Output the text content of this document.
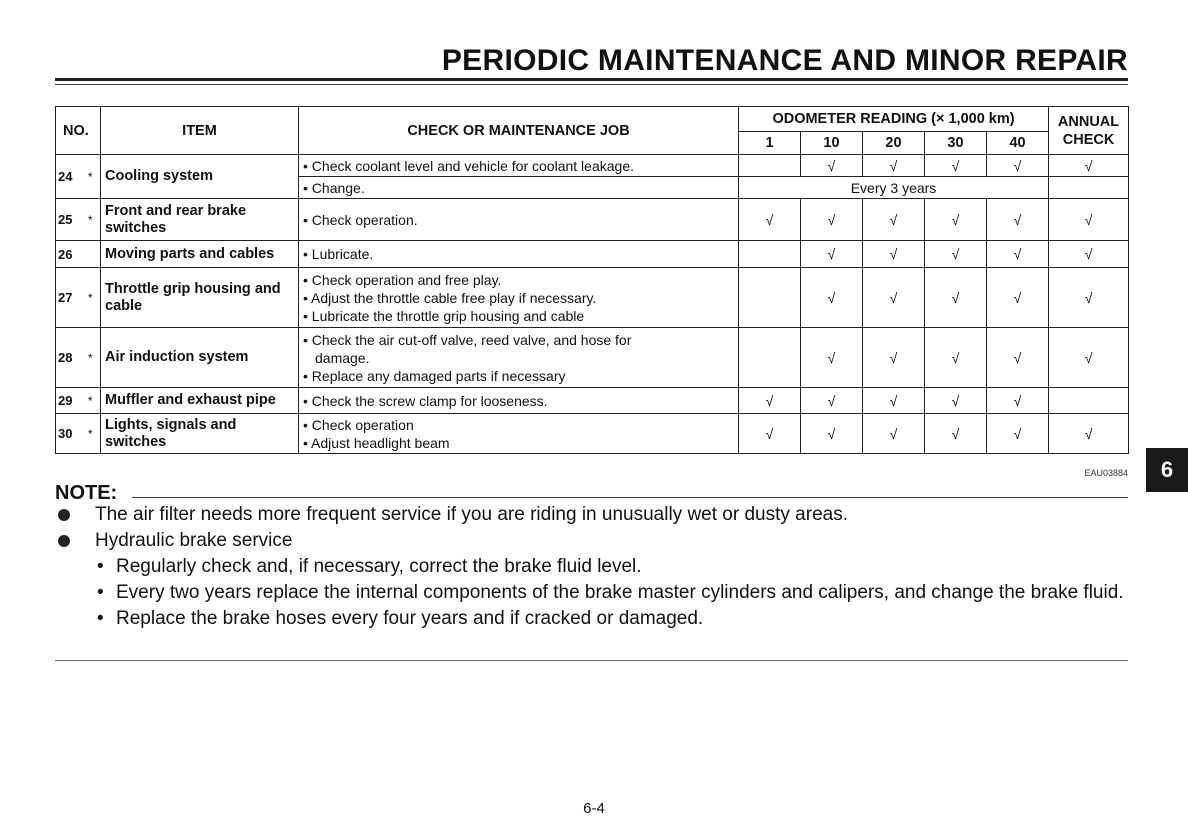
PERIODIC MAINTENANCE AND MINOR REPAIR
NO.		ITEM	CHECK OR MAINTENANCE JOB	ODOMETER READING (× 1,000 km)					ANNUAL CHECK
				1	10	20	30	40	
24	*	Cooling system	• Check coolant level and vehicle for coolant leakage.		√	√	√	√	√
			• Change.	Every 3 years					
25	*	Front and rear brake switches	• Check operation.	√	√	√	√	√	√
26		Moving parts and cables	• Lubricate.		√	√	√	√	√
27	*	Throttle grip housing and cable	• Check operation and free play.
• Adjust the throttle cable free play if necessary.
• Lubricate the throttle grip housing and cable		√	√	√	√	√
28	*	Air induction system	• Check the air cut-off valve, reed valve, and hose for
damage.
• Replace any damaged parts if necessary		√	√	√	√	√
29	*	Muffler and exhaust pipe	• Check the screw clamp for looseness.	√	√	√	√	√	
30	*	Lights, signals and switches	• Check operation
• Adjust headlight beam	√	√	√	√	√	√
EAU03884	6
NOTE:
The air filter needs more frequent service if you are riding in unusually wet or dusty areas.
Hydraulic brake service
• Regularly check and, if necessary, correct the brake fluid level.
• Every two years replace the internal components of the brake master cylinders and calipers, and change the brake fluid.
• Replace the brake hoses every four years and if cracked or damaged.
6-4
